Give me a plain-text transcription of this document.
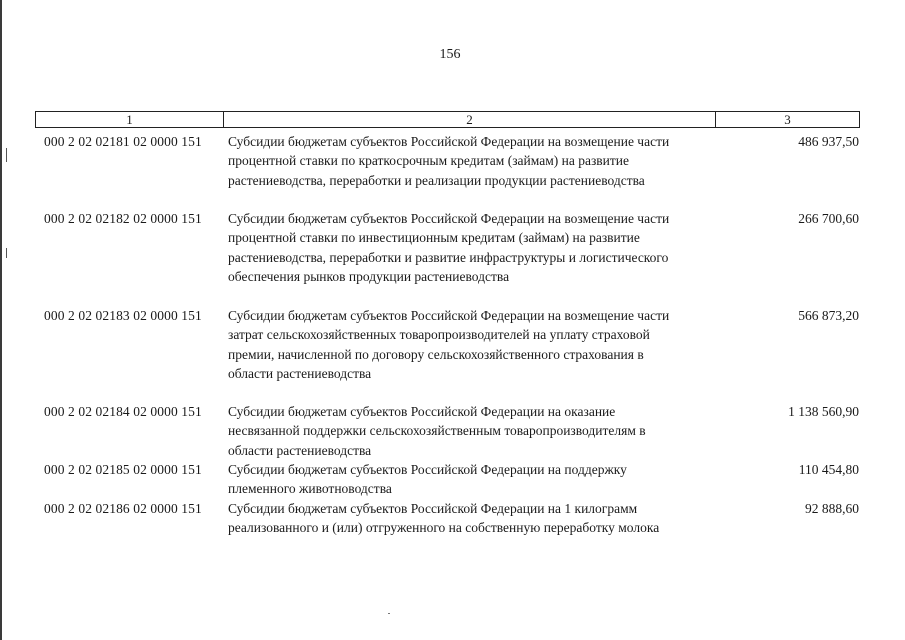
156
1	2	3
000 2 02 02181 02 0000 151 Субсидии бюджетам субъектов Российской Федерации на возмещение части
процентной ставки по краткосрочным кредитам (займам) на развитие
растениеводства, переработки и реализации продукции растениеводства
486 937,50
000 2 02 02182 02 0000 151 Субсидии бюджетам субъектов Российской Федерации на возмещение части
процентной ставки по инвестиционным кредитам (займам) на развитие
растениеводства, переработки и развитие инфраструктуры и логистического
обеспечения рынков продукции растениеводства
266 700,60
000 2 02 02183 02 0000 151 Субсидии бюджетам субъектов Российской Федерации на возмещение части
затрат сельскохозяйственных товаропроизводителей на уплату страховой
премии, начисленной по договору сельскохозяйственного страхования в
области растениеводства
566 873,20
000 2 02 02184 02 0000 151 Субсидии бюджетам субъектов Российской Федерации на оказание
несвязанной поддержки сельскохозяйственным товаропроизводителям в
области растениеводства
1 138 560,90
000 2 02 02185 02 0000 151 Субсидии бюджетам субъектов Российской Федерации на поддержку
племенного животноводства
110 454,80
000 2 02 02186 02 0000 151 Субсидии бюджетам субъектов Российской Федерации на 1 килограмм
реализованного и (или) отгруженного на собственную переработку молока
92 888,60
